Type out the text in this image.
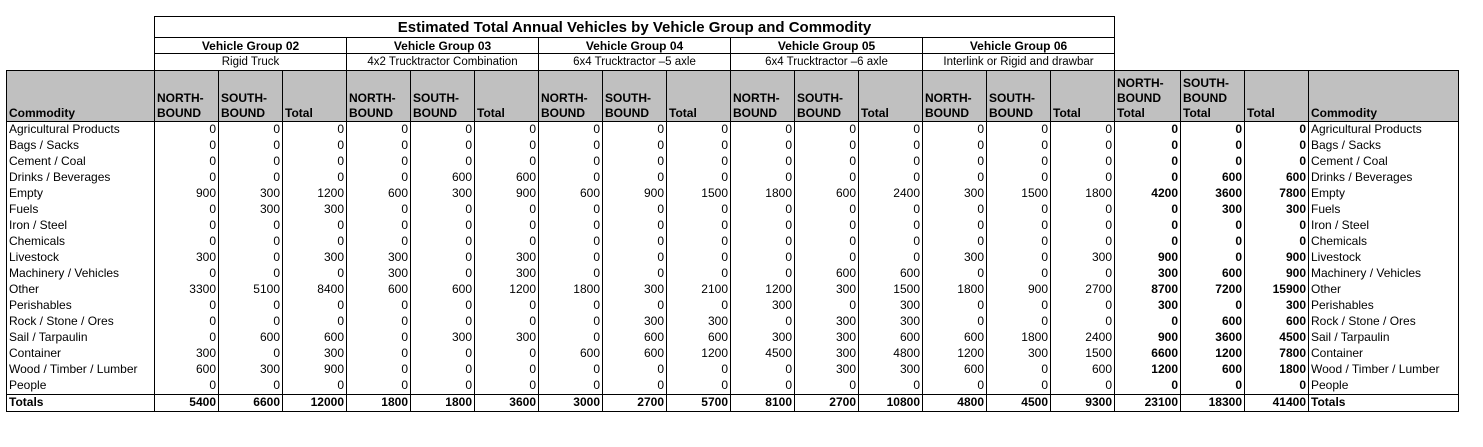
	Estimated Total Annual Vehicles by Vehicle Group and Commodity																		
	Vehicle Group 02			Vehicle Group 03			Vehicle Group 04			Vehicle Group 05			Vehicle Group 06						
	Rigid Truck			4x2 Trucktractor Combination			6x4 Trucktractor –5 axle			6x4 Trucktractor –6 axle			Interlink or Rigid and drawbar						
Commodity	NORTH-BOUND	SOUTH-BOUND	Total	NORTH-BOUND	SOUTH-BOUND	Total	NORTH-BOUND	SOUTH-BOUND	Total	NORTH-BOUND	SOUTH-BOUND	Total	NORTH-BOUND	SOUTH-BOUND	Total	NORTH-BOUND Total	SOUTH-BOUND Total	Total	Commodity
Agricultural Products	0	0	0	0	0	0	0	0	0	0	0	0	0	0	0	0	0	0	Agricultural Products
Bags / Sacks	0	0	0	0	0	0	0	0	0	0	0	0	0	0	0	0	0	0	Bags / Sacks
Cement / Coal	0	0	0	0	0	0	0	0	0	0	0	0	0	0	0	0	0	0	Cement / Coal
Drinks / Beverages	0	0	0	0	600	600	0	0	0	0	0	0	0	0	0	0	600	600	Drinks / Beverages
Empty	900	300	1200	600	300	900	600	900	1500	1800	600	2400	300	1500	1800	4200	3600	7800	Empty
Fuels	0	300	300	0	0	0	0	0	0	0	0	0	0	0	0	0	300	300	Fuels
Iron / Steel	0	0	0	0	0	0	0	0	0	0	0	0	0	0	0	0	0	0	Iron / Steel
Chemicals	0	0	0	0	0	0	0	0	0	0	0	0	0	0	0	0	0	0	Chemicals
Livestock	300	0	300	300	0	300	0	0	0	0	0	0	300	0	300	900	0	900	Livestock
Machinery / Vehicles	0	0	0	300	0	300	0	0	0	0	600	600	0	0	0	300	600	900	Machinery / Vehicles
Other	3300	5100	8400	600	600	1200	1800	300	2100	1200	300	1500	1800	900	2700	8700	7200	15900	Other
Perishables	0	0	0	0	0	0	0	0	0	300	0	300	0	0	0	300	0	300	Perishables
Rock / Stone / Ores	0	0	0	0	0	0	0	300	300	0	300	300	0	0	0	0	600	600	Rock / Stone / Ores
Sail / Tarpaulin	0	600	600	0	300	300	0	600	600	300	300	600	600	1800	2400	900	3600	4500	Sail / Tarpaulin
Container	300	0	300	0	0	0	600	600	1200	4500	300	4800	1200	300	1500	6600	1200	7800	Container
Wood / Timber / Lumber	600	300	900	0	0	0	0	0	0	0	300	300	600	0	600	1200	600	1800	Wood / Timber / Lumber
People	0	0	0	0	0	0	0	0	0	0	0	0	0	0	0	0	0	0	People
Totals	5400	6600	12000	1800	1800	3600	3000	2700	5700	8100	2700	10800	4800	4500	9300	23100	18300	41400	Totals
